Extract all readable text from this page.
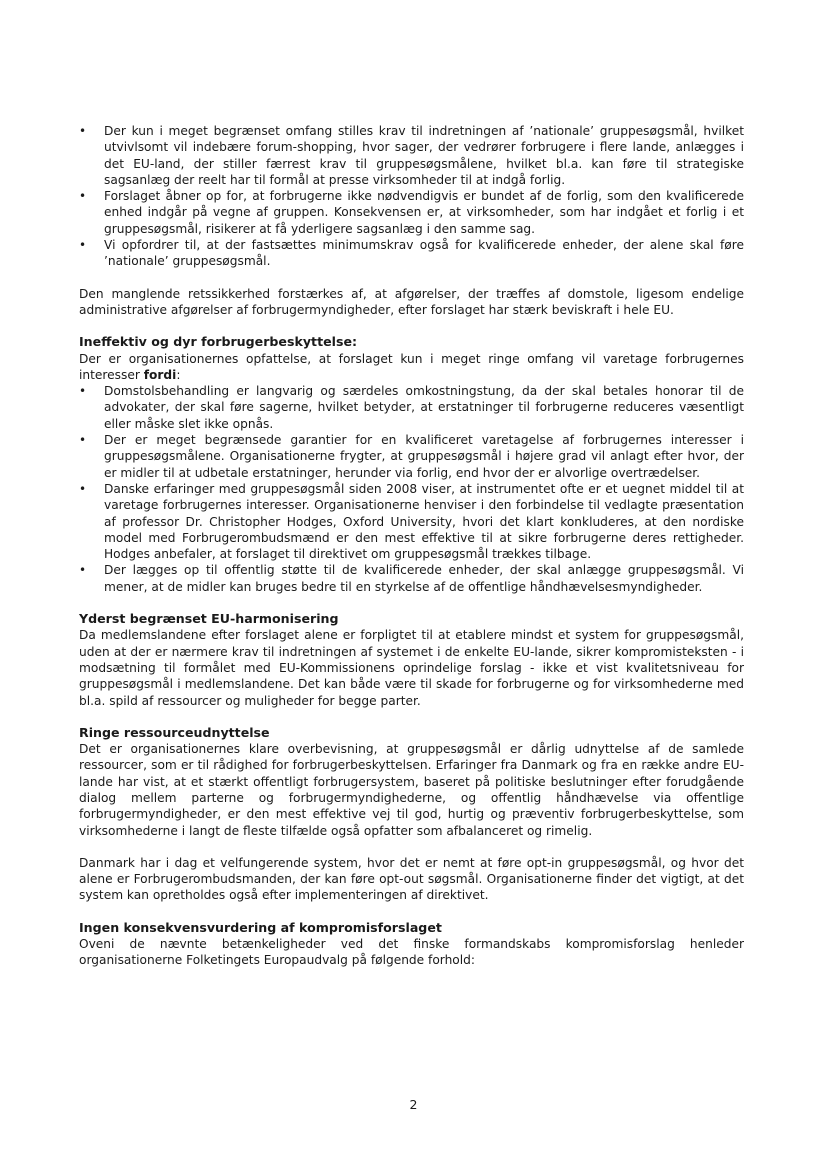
• Der kun i meget begrænset omfang stilles krav til indretningen af ’nationale’ gruppesøgsmål, hvilket utvivlsomt vil indebære forum-shopping, hvor sager, der vedrører forbrugere i flere lande, anlægges i det EU-land, der stiller færrest krav til gruppesøgsmålene, hvilket bl.a. kan føre til strategiske sagsanlæg der reelt har til formål at presse virksomheder til at indgå forlig.
• Forslaget åbner op for, at forbrugerne ikke nødvendigvis er bundet af de forlig, som den kvalificerede enhed indgår på vegne af gruppen. Konsekvensen er, at virksomheder, som har indgået et forlig i et gruppesøgsmål, risikerer at få yderligere sagsanlæg i den samme sag.
• Vi opfordrer til, at der fastsættes minimumskrav også for kvalificerede enheder, der alene skal føre ’nationale’ gruppesøgsmål.

Den manglende retssikkerhed forstærkes af, at afgørelser, der træffes af domstole, ligesom endelige administrative afgørelser af forbrugermyndigheder, efter forslaget har stærk beviskraft i hele EU.

Ineffektiv og dyr forbrugerbeskyttelse:

Der er organisationernes opfattelse, at forslaget kun i meget ringe omfang vil varetage forbrugernes interesser fordi:

• Domstolsbehandling er langvarig og særdeles omkostningstung, da der skal betales honorar til de advokater, der skal føre sagerne, hvilket betyder, at erstatninger til forbrugerne reduceres væsentligt eller måske slet ikke opnås.
• Der er meget begrænsede garantier for en kvalificeret varetagelse af forbrugernes interesser i gruppesøgsmålene. Organisationerne frygter, at gruppesøgsmål i højere grad vil anlagt efter hvor, der er midler til at udbetale erstatninger, herunder via forlig, end hvor der er alvorlige overtrædelser.
• Danske erfaringer med gruppesøgsmål siden 2008 viser, at instrumentet ofte er et uegnet middel til at varetage forbrugernes interesser. Organisationerne henviser i den forbindelse til vedlagte præsentation af professor Dr. Christopher Hodges, Oxford University, hvori det klart konkluderes, at den nordiske model med Forbrugerombudsmænd er den mest effektive til at sikre forbrugerne deres rettigheder. Hodges anbefaler, at forslaget til direktivet om gruppesøgsmål trækkes tilbage.
• Der lægges op til offentlig støtte til de kvalificerede enheder, der skal anlægge gruppesøgsmål. Vi mener, at de midler kan bruges bedre til en styrkelse af de offentlige håndhævelsesmyndigheder.
Yderst begrænset EU-harmonisering

Da medlemslandene efter forslaget alene er forpligtet til at etablere mindst et system for gruppesøgsmål, uden at der er nærmere krav til indretningen af systemet i de enkelte EU-lande, sikrer kompromisteksten - i modsætning til formålet med EU-Kommissionens oprindelige forslag - ikke et vist kvalitetsniveau for gruppesøgsmål i medlemslandene. Det kan både være til skade for forbrugerne og for virksomhederne med bl.a. spild af ressourcer og muligheder for begge parter.

Ringe ressourceudnyttelse

Det er organisationernes klare overbevisning, at gruppesøgsmål er dårlig udnyttelse af de samlede ressourcer, som er til rådighed for forbrugerbeskyttelsen. Erfaringer fra Danmark og fra en række andre EU-lande har vist, at et stærkt offentligt forbrugersystem, baseret på politiske beslutninger efter forudgående dialog mellem parterne og forbrugermyndighederne, og offentlig håndhævelse via offentlige forbrugermyndigheder, er den mest effektive vej til god, hurtig og præventiv forbrugerbeskyttelse, som virksomhederne i langt de fleste tilfælde også opfatter som afbalanceret og rimelig.

Danmark har i dag et velfungerende system, hvor det er nemt at føre opt-in gruppesøgsmål, og hvor det alene er Forbrugerombudsmanden, der kan føre opt-out søgsmål. Organisationerne finder det vigtigt, at det system kan opretholdes også efter implementeringen af direktivet.

Ingen konsekvensvurdering af kompromisforslaget

Oveni de nævnte betænkeligheder ved det finske formandskabs kompromisforslag henleder organisationerne Folketingets Europaudvalg på følgende forhold:

2
